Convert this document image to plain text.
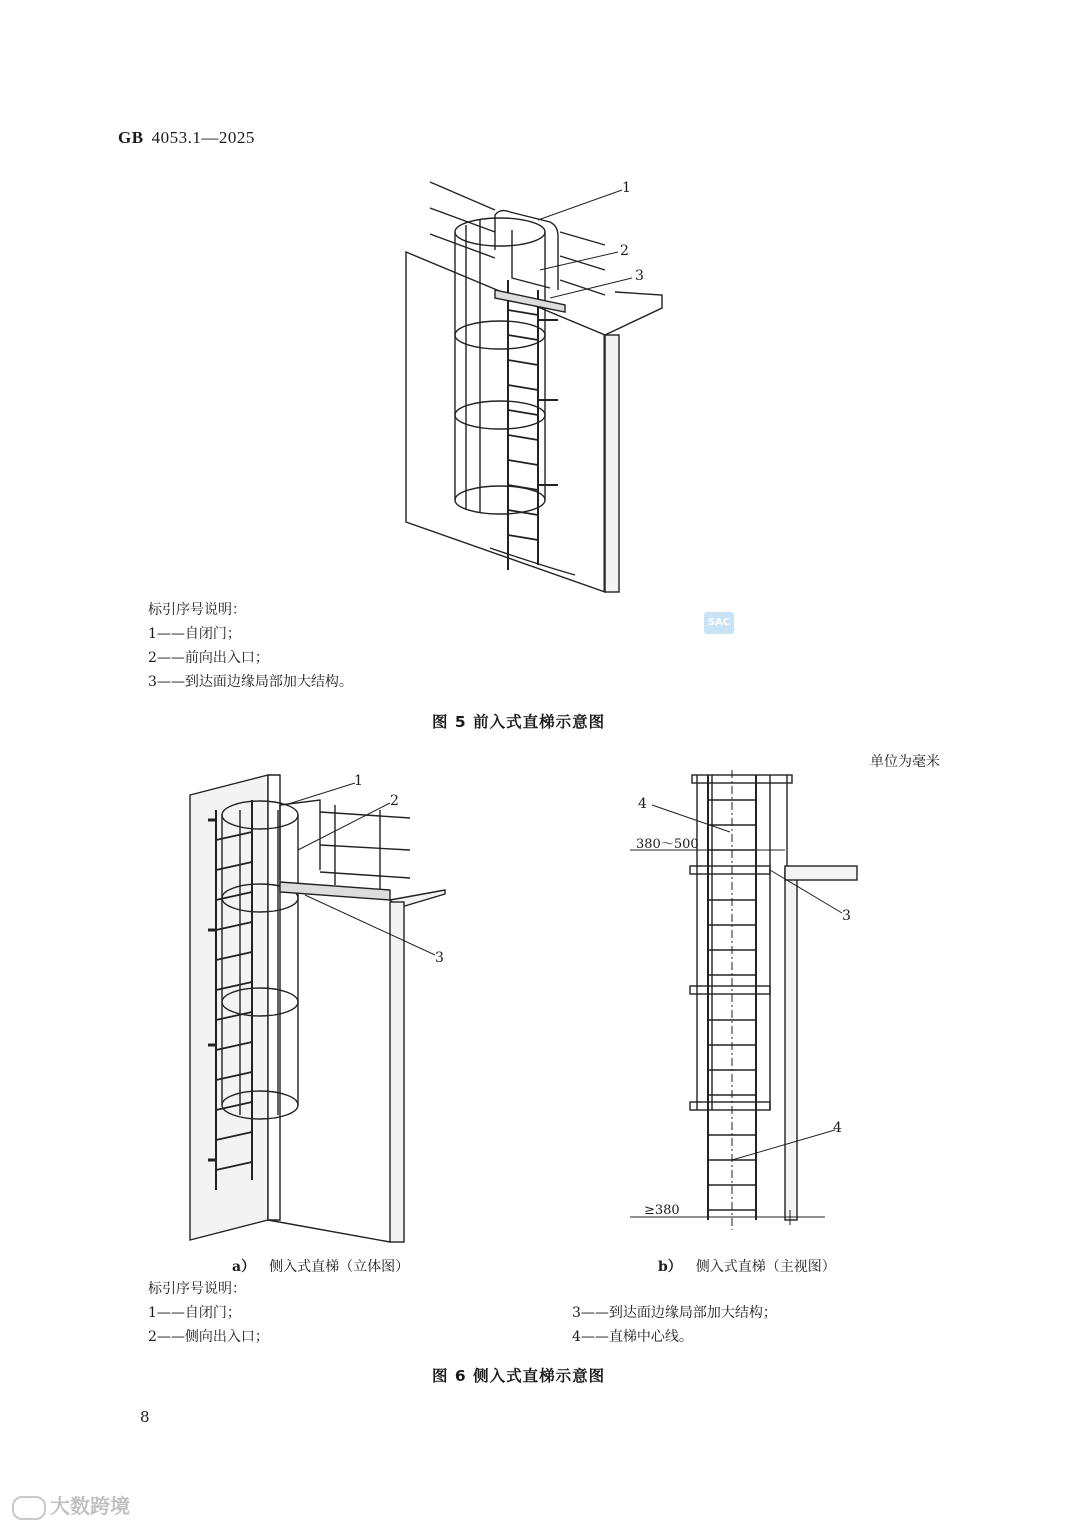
GB 4053.1—2025
1
2
3
标引序号说明：
1——自闭门；
2——前向出入口；
3——到达面边缘局部加大结构。
SAC
图 5 前入式直梯示意图
单位为毫米
1
2
3
380～500
≥380
4
3
4
a） 侧入式直梯（立体图）	b） 侧入式直梯（主视图）
标引序号说明：
1——自闭门；
2——侧向出入口；
3——到达面边缘局部加大结构；
4——直梯中心线。
图 6 侧入式直梯示意图
8
大数跨境
